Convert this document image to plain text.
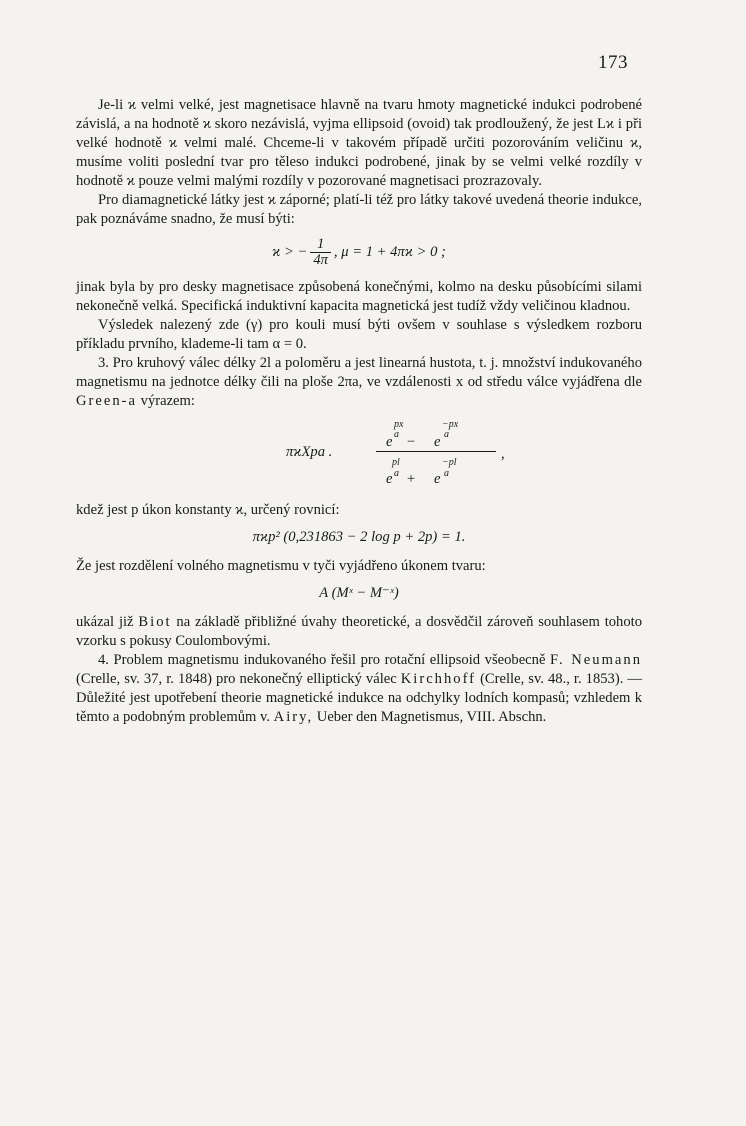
173

Je-li ϰ velmi velké, jest magnetisace hlavně na tvaru hmoty magnetické indukci podrobené závislá, a na hodnotě ϰ skoro nezávislá, vyjma ellipsoid (ovoid) tak prodloužený, že jest Lϰ i při velké hodnotě ϰ velmi malé. Chceme-li v takovém případě určiti pozorováním veličinu ϰ, musíme voliti poslední tvar pro těleso indukci podrobené, jinak by se velmi velké rozdíly v hodnotě ϰ pouze velmi malými rozdíly v pozorované magnetisaci prozrazovaly.

Pro diamagnetické látky jest ϰ záporné; platí-li též pro látky takové uvedená theorie indukce, pak poznáváme snadno, že musí býti:

ϰ > − $\frac{1}{4\pi}$ , μ = 1 + 4πϰ > 0 ;

jinak byla by pro desky magnetisace způsobená konečnými, kolmo na desku působícími silami nekonečně velká. Specifická induktivní kapacita magnetická jest tudíž vždy veličinou kladnou.

Výsledek nalezený zde (γ) pro kouli musí býti ovšem v souhlase s výsledkem rozboru příkladu prvního, klademe-li tam α = 0.

3. Pro kruhový válec délky 2l a poloměru a jest linearná hustota, t. j. množství indukovaného magnetismu na jednotce délky čili na ploše 2πa, ve vzdálenosti x od středu válce vyjádřena dle Green-a výrazem:

πϰXpa .
px
a
e − e
−px
a
pl
a
e + e
−pl
a
,

kdež jest p úkon konstanty ϰ, určený rovnicí:

πϰp² (0,231863 − 2 log p + 2p) = 1.

Že jest rozdělení volného magnetismu v tyči vyjádřeno úkonem tvaru:

A (Mˣ − M⁻ˣ)

ukázal již Biot na základě přibližné úvahy theoretické, a dosvědčil zároveň souhlasem tohoto vzorku s pokusy Coulombovými.

4. Problem magnetismu indukovaného řešil pro rotační ellipsoid všeobecně F. Neumann (Crelle, sv. 37, r. 1848) pro nekonečný elliptický válec Kirchhoff (Crelle, sv. 48., r. 1853). — Důležité jest upotřebení theorie magnetické indukce na odchylky lodních kompasů; vzhledem k těmto a podobným problemům v. Airy, Ueber den Magnetismus, VIII. Abschn.
